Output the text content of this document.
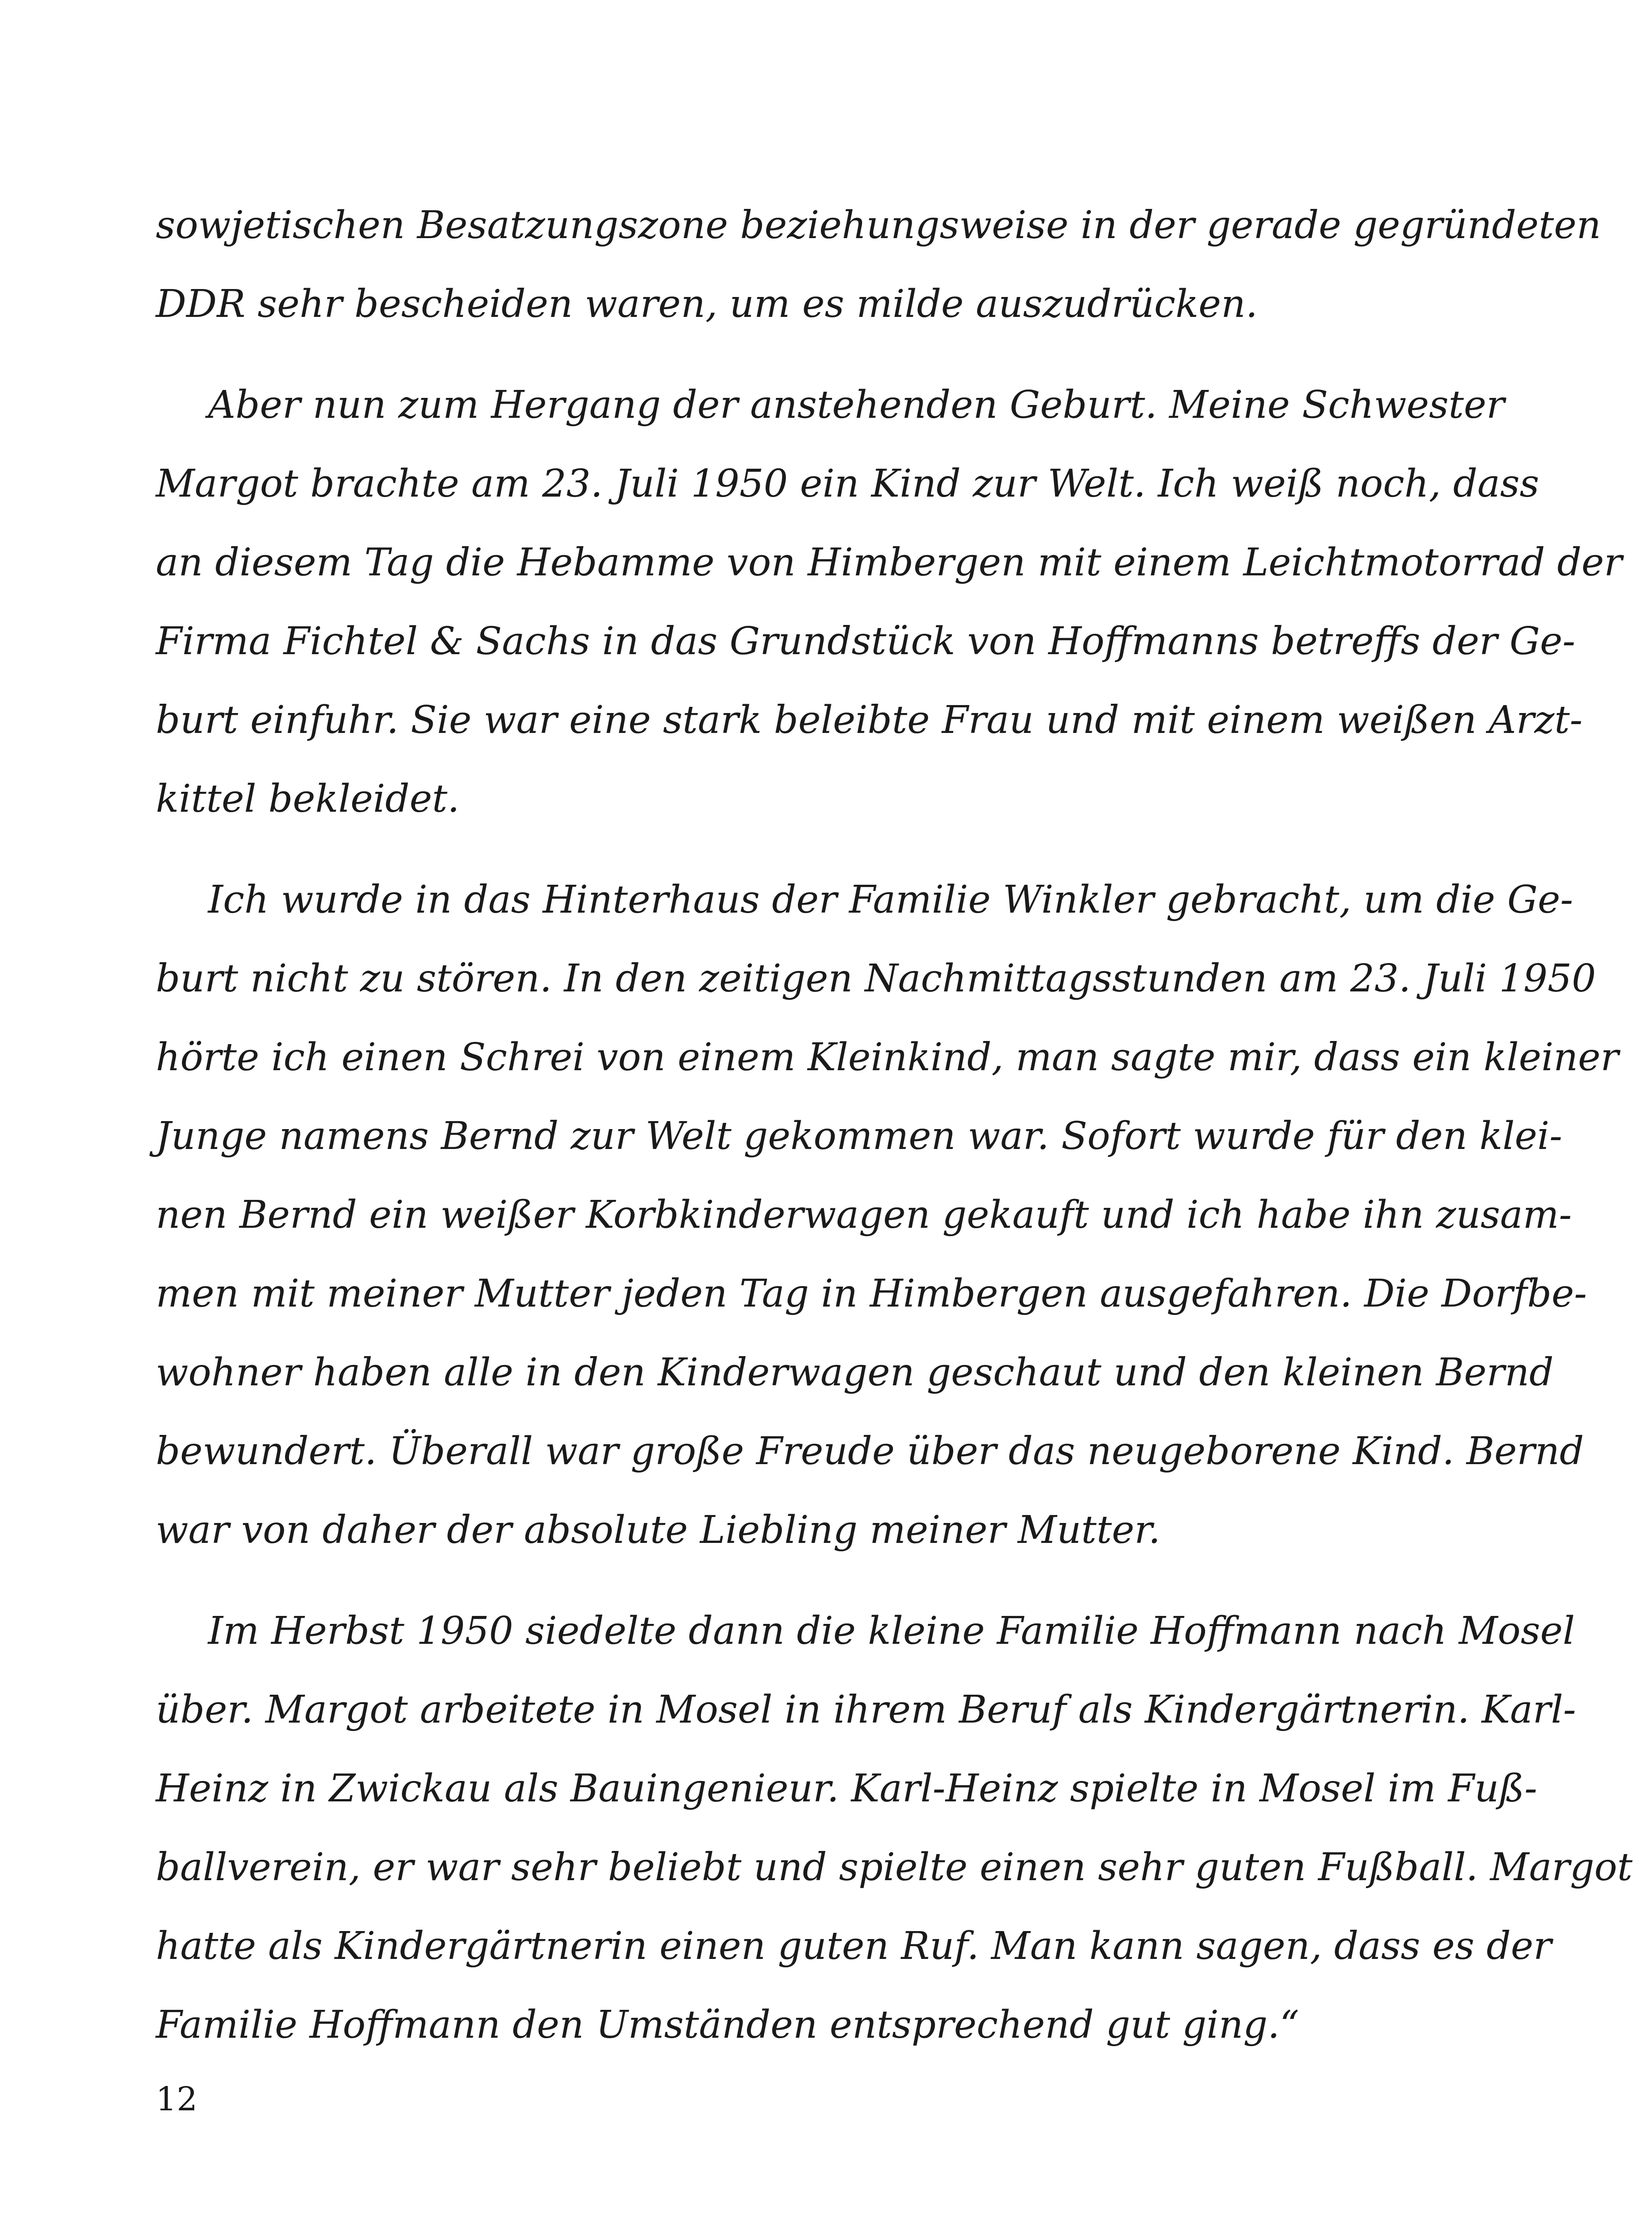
sowjetischen Besatzungszone beziehungsweise in der gerade gegründeten
DDR sehr bescheiden waren, um es milde auszudrücken.
Aber nun zum Hergang der anstehenden Geburt. Meine Schwester
Margot brachte am 23. Juli 1950 ein Kind zur Welt. Ich weiß noch, dass
an diesem Tag die Hebamme von Himbergen mit einem Leichtmotorrad der
Firma Fichtel & Sachs in das Grundstück von Hoffmanns betreffs der Ge-
burt einfuhr. Sie war eine stark beleibte Frau und mit einem weißen Arzt-
kittel bekleidet.
Ich wurde in das Hinterhaus der Familie Winkler gebracht, um die Ge-
burt nicht zu stören. In den zeitigen Nachmittagsstunden am 23. Juli 1950
hörte ich einen Schrei von einem Kleinkind, man sagte mir, dass ein kleiner
Junge namens Bernd zur Welt gekommen war. Sofort wurde für den klei-
nen Bernd ein weißer Korbkinderwagen gekauft und ich habe ihn zusam-
men mit meiner Mutter jeden Tag in Himbergen ausgefahren. Die Dorfbe-
wohner haben alle in den Kinderwagen geschaut und den kleinen Bernd
bewundert. Überall war große Freude über das neugeborene Kind. Bernd
war von daher der absolute Liebling meiner Mutter.
Im Herbst 1950 siedelte dann die kleine Familie Hoffmann nach Mosel
über. Margot arbeitete in Mosel in ihrem Beruf als Kindergärtnerin. Karl-
Heinz in Zwickau als Bauingenieur. Karl-Heinz spielte in Mosel im Fuß-
ballverein, er war sehr beliebt und spielte einen sehr guten Fußball. Margot
hatte als Kindergärtnerin einen guten Ruf. Man kann sagen, dass es der
Familie Hoffmann den Umständen entsprechend gut ging.“
12
